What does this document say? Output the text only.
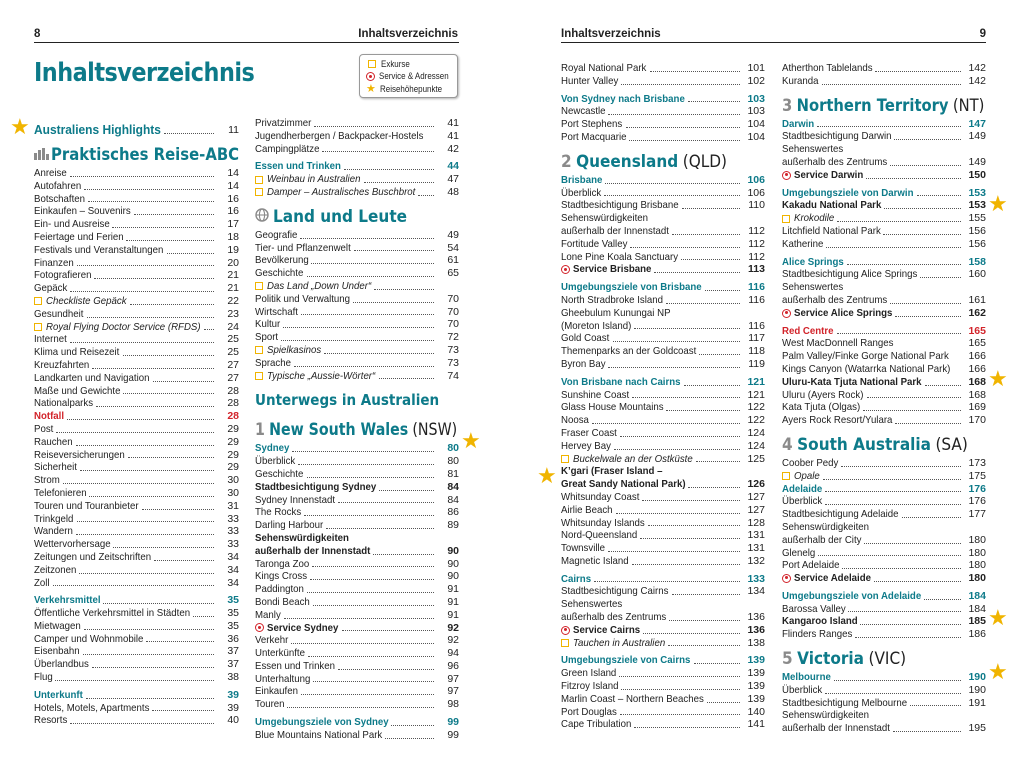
8	Inhaltsverzeichnis	Inhaltsverzeichnis	9
Inhaltsverzeichnis	Exkurse
Service & Adressen
★ Reisehöhepunkte
Australiens Highlights	11
Praktisches Reise-ABC
Anreise	14
Autofahren	14
Botschaften	16
Einkaufen – Souvenirs	16
Ein- und Ausreise	17
Feiertage und Ferien	18
Festivals und Veranstaltungen	19
Finanzen	20
Fotografieren	21
Gepäck	21
Checkliste Gepäck	22
Gesundheit	23
Royal Flying Doctor Service (RFDS)	24
Internet	25
Klima und Reisezeit	25
Kreuzfahrten	27
Landkarten und Navigation	27
Maße und Gewichte	28
Nationalparks	28
Notfall	28
Post	29
Rauchen	29
Reiseversicherungen	29
Sicherheit	29
Strom	30
Telefonieren	30
Touren und Touranbieter	31
Trinkgeld	33
Wandern	33
Wettervorhersage	33
Zeitungen und Zeitschriften	34
Zeitzonen	34
Zoll	34
Verkehrsmittel	35
Öffentliche Verkehrsmittel in Städten	35
Mietwagen	35
Camper und Wohnmobile	36
Eisenbahn	37
Überlandbus	37
Flug	38
Unterkunft	39
Hotels, Motels, Apartments	39
Resorts	40
Privatzimmer	41
Jugendherbergen / Backpacker-Hostels	41
Campingplätze	42
Essen und Trinken	44
Weinbau in Australien	47
Damper – Australisches Buschbrot	48
Land und Leute
Geografie	49
Tier- und Pflanzenwelt	54
Bevölkerung	61
Geschichte	65
Das Land „Down Under“
Politik und Verwaltung	70
Wirtschaft	70
Kultur	70
Sport	72
Spielkasinos	73
Sprache	73
Typische „Aussie-Wörter“	74
Unterwegs in Australien
1 New South Wales (NSW)
Sydney	80
Überblick	80
Geschichte	81
Stadtbesichtigung Sydney	84
Sydney Innenstadt	84
The Rocks	86
Darling Harbour	89
Sehenswürdigkeiten
außerhalb der Innenstadt	90
Taronga Zoo	90
Kings Cross	90
Paddington	91
Bondi Beach	91
Manly	91
Service Sydney	92
Verkehr	92
Unterkünfte	94
Essen und Trinken	96
Unterhaltung	97
Einkaufen	97
Touren	98
Umgebungsziele von Sydney	99
Blue Mountains National Park	99
Royal National Park	101
Hunter Valley	102
Von Sydney nach Brisbane	103
Newcastle	103
Port Stephens	104
Port Macquarie	104
2 Queensland (QLD)
Brisbane	106
Überblick	106
Stadtbesichtigung Brisbane	110
Sehenswürdigkeiten
außerhalb der Innenstadt	112
Fortitude Valley	112
Lone Pine Koala Sanctuary	112
Service Brisbane	113
Umgebungsziele von Brisbane	116
North Stradbroke Island	116
Gheebulum Kunungai NP
(Moreton Island)	116
Gold Coast	117
Themenparks an der Goldcoast	118
Byron Bay	119
Von Brisbane nach Cairns	121
Sunshine Coast	121
Glass House Mountains	122
Noosa	122
Fraser Coast	124
Hervey Bay	124
Buckelwale an der Ostküste	125
K’gari (Fraser Island –
Great Sandy National Park)	126
Whitsunday Coast	127
Airlie Beach	127
Whitsunday Islands	128
Nord-Queensland	131
Townsville	131
Magnetic Island	132
Cairns	133
Stadtbesichtigung Cairns	134
Sehenswertes
außerhalb des Zentrums	136
Service Cairns	136
Tauchen in Australien	138
Umgebungsziele von Cairns	139
Green Island	139
Fitzroy Island	139
Marlin Coast – Northern Beaches	139
Port Douglas	140
Cape Tribulation	141
Atherthon Tablelands	142
Kuranda	142
3 Northern Territory (NT)
Darwin	147
Stadtbesichtigung Darwin	149
Sehenswertes
außerhalb des Zentrums	149
Service Darwin	150
Umgebungsziele von Darwin	153
Kakadu National Park	153
Krokodile	155
Litchfield National Park	156
Katherine	156
Alice Springs	158
Stadtbesichtigung Alice Springs	160
Sehenswertes
außerhalb des Zentrums	161
Service Alice Springs	162
Red Centre	165
West MacDonnell Ranges	165
Palm Valley/Finke Gorge National Park	166
Kings Canyon (Watarrka National Park)	166
Uluru-Kata Tjuta National Park	168
Uluru (Ayers Rock)	168
Kata Tjuta (Olgas)	169
Ayers Rock Resort/Yulara	170
4 South Australia (SA)
Coober Pedy	173
Opale	175
Adelaide	176
Überblick	176
Stadtbesichtigung Adelaide	177
Sehenswürdigkeiten
außerhalb der City	180
Glenelg	180
Port Adelaide	180
Service Adelaide	180
Umgebungsziele von Adelaide	184
Barossa Valley	184
Kangaroo Island	185
Flinders Ranges	186
5 Victoria (VIC)
Melbourne	190
Überblick	190
Stadtbesichtigung Melbourne	191
Sehenswürdigkeiten
außerhalb der Innenstadt	195
★
★
★
★
★
★
★
